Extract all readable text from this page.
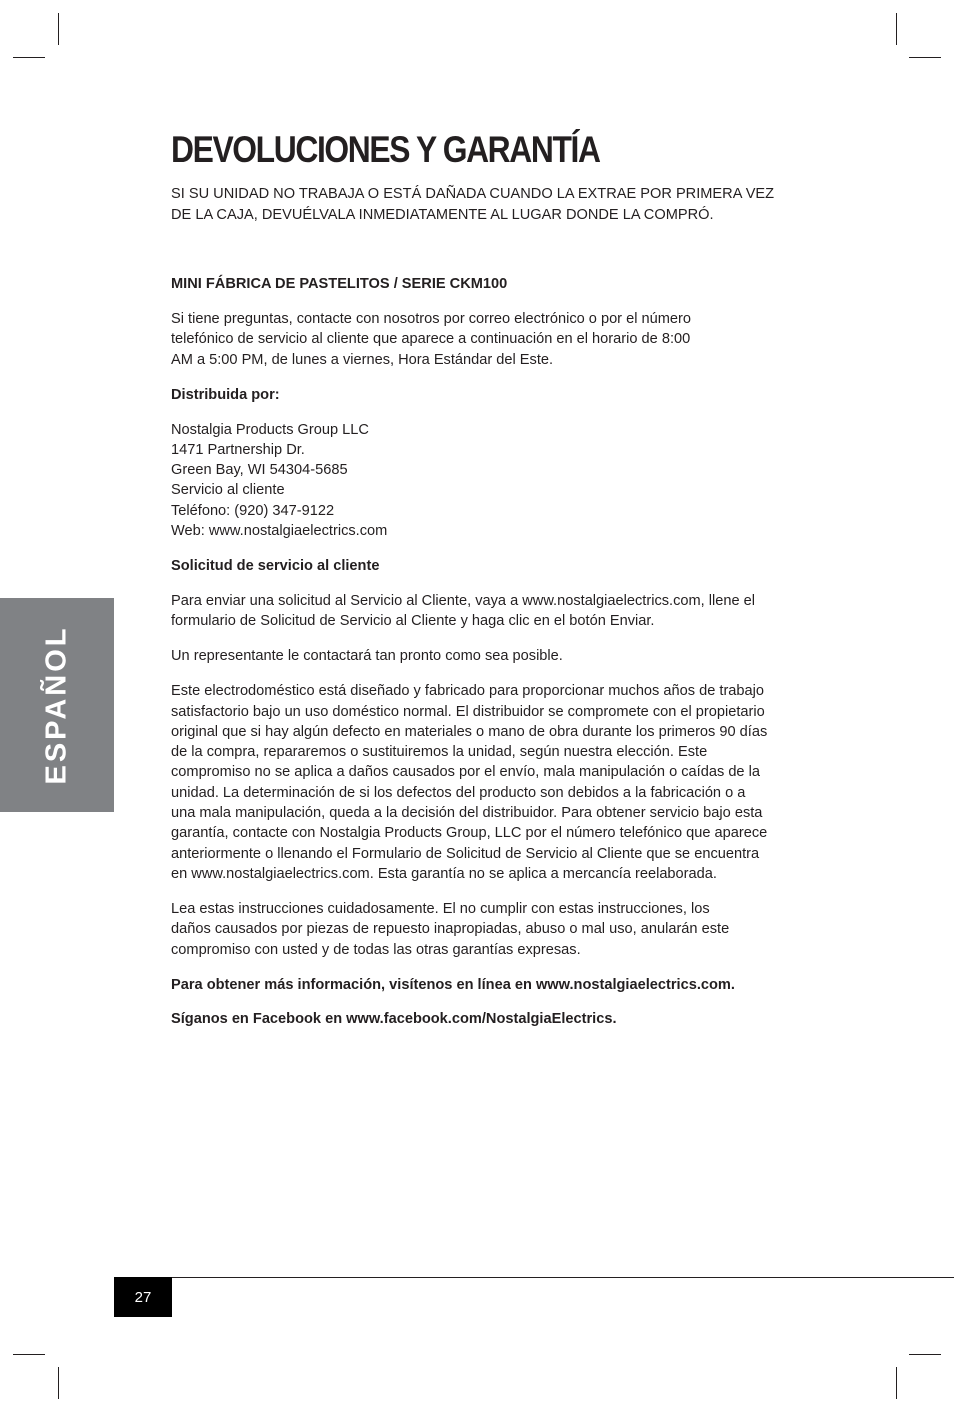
DEVOLUCIONES Y GARANTÍA
SI SU UNIDAD NO TRABAJA O ESTÁ DAÑADA CUANDO LA EXTRAE POR PRIMERA VEZ
DE LA CAJA, DEVUÉLVALA INMEDIATAMENTE AL LUGAR DONDE LA COMPRÓ.

MINI FÁBRICA DE PASTELITOS / SERIE CKM100

Si tiene preguntas, contacte con nosotros por correo electrónico o por el número telefónico de servicio al cliente que aparece a continuación en el horario de 8:00 AM a 5:00 PM, de lunes a viernes, Hora Estándar del Este.

Distribuida por:

Nostalgia Products Group LLC
1471 Partnership Dr.
Green Bay, WI 54304-5685
Servicio al cliente
Teléfono: (920) 347-9122
Web: www.nostalgiaelectrics.com

Solicitud de servicio al cliente

Para enviar una solicitud al Servicio al Cliente, vaya a www.nostalgiaelectrics.com, llene el formulario de Solicitud de Servicio al Cliente y haga clic en el botón Enviar.

Un representante le contactará tan pronto como sea posible.

Este electrodoméstico está diseñado y fabricado para proporcionar muchos años de trabajo satisfactorio bajo un uso doméstico normal. El distribuidor se compromete con el propietario original que si hay algún defecto en materiales o mano de obra durante los primeros 90 días de la compra, repararemos o sustituiremos la unidad, según nuestra elección. Este compromiso no se aplica a daños causados por el envío, mala manipulación o caídas de la unidad. La determinación de si los defectos del producto son debidos a la fabricación o a una mala manipulación, queda a la decisión del distribuidor. Para obtener servicio bajo esta garantía, contacte con Nostalgia Products Group, LLC por el número telefónico que aparece anteriormente o llenando el Formulario de Solicitud de Servicio al Cliente que se encuentra en www.nostalgiaelectrics.com. Esta garantía no se aplica a mercancía reelaborada.

Lea estas instrucciones cuidadosamente. El no cumplir con estas instrucciones, los daños causados por piezas de repuesto inapropiadas, abuso o mal uso, anularán este compromiso con usted y de todas las otras garantías expresas.

Para obtener más información, visítenos en línea en www.nostalgiaelectrics.com.

Síganos en Facebook en www.facebook.com/NostalgiaElectrics.

ESPAÑOL
27
